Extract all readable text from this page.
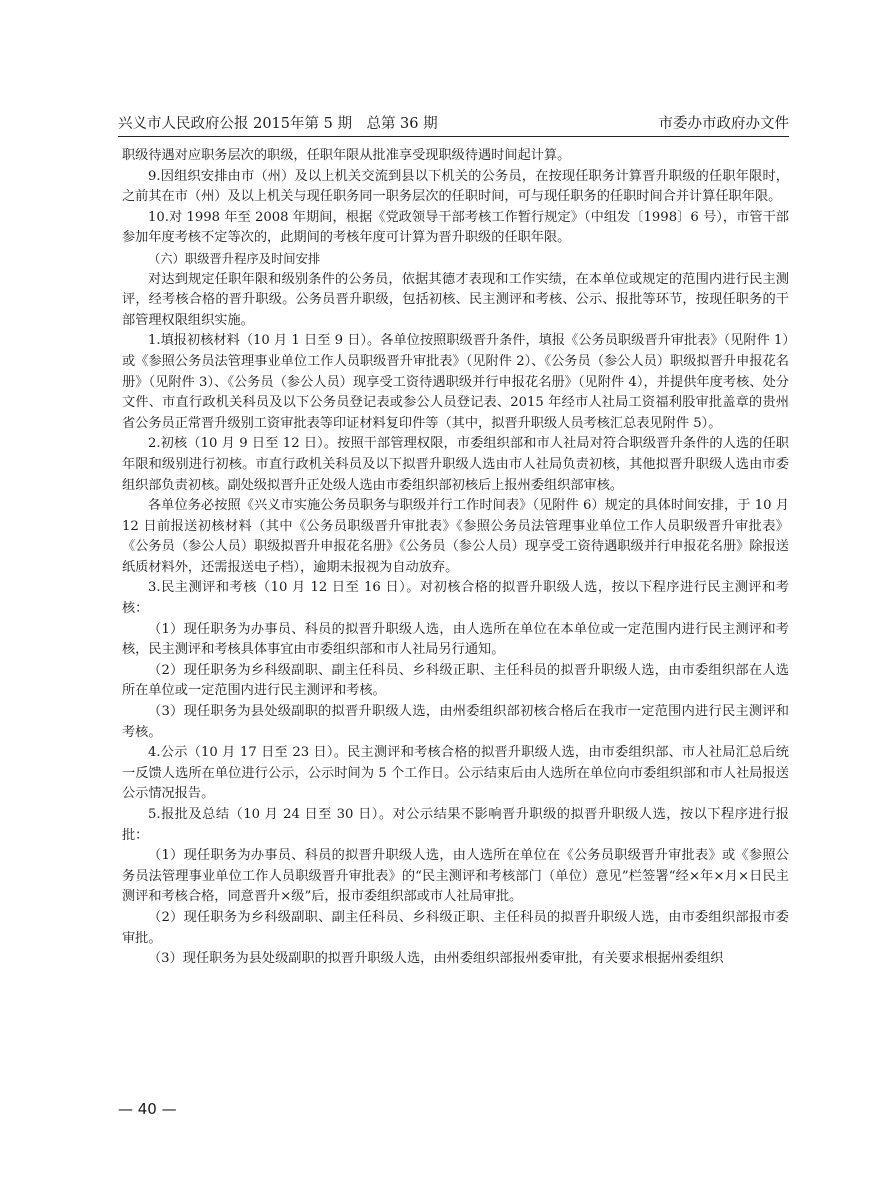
兴义市人民政府公报 2015年第 5 期　总第 36 期	市委办市政府办文件

职级待遇对应职务层次的职级，任职年限从批准享受现职级待遇时间起计算。

9.因组织安排由市（州）及以上机关交流到县以下机关的公务员，在按现任职务计算晋升职级的任职年限时，之前其在市（州）及以上机关与现任职务同一职务层次的任职时间，可与现任职务的任职时间合并计算任职年限。

10.对 1998 年至 2008 年期间，根据《党政领导干部考核工作暂行规定》（中组发〔1998〕6 号），市管干部参加年度考核不定等次的，此期间的考核年度可计算为晋升职级的任职年限。

（六）职级晋升程序及时间安排

对达到规定任职年限和级别条件的公务员，依据其德才表现和工作实绩，在本单位或规定的范围内进行民主测评，经考核合格的晋升职级。公务员晋升职级，包括初核、民主测评和考核、公示、报批等环节，按现任职务的干部管理权限组织实施。

1.填报初核材料（10 月 1 日至 9 日）。各单位按照职级晋升条件，填报《公务员职级晋升审批表》（见附件 1）或《参照公务员法管理事业单位工作人员职级晋升审批表》（见附件 2）、《公务员（参公人员）职级拟晋升申报花名册》（见附件 3）、《公务员（参公人员）现享受工资待遇职级并行申报花名册》（见附件 4），并提供年度考核、处分文件、市直行政机关科员及以下公务员登记表或参公人员登记表、2015 年经市人社局工资福利股审批盖章的贵州省公务员正常晋升级别工资审批表等印证材料复印件等（其中，拟晋升职级人员考核汇总表见附件 5）。

2.初核（10 月 9 日至 12 日）。按照干部管理权限，市委组织部和市人社局对符合职级晋升条件的人选的任职年限和级别进行初核。市直行政机关科员及以下拟晋升职级人选由市人社局负责初核，其他拟晋升职级人选由市委组织部负责初核。副处级拟晋升正处级人选由市委组织部初核后上报州委组织部审核。

各单位务必按照《兴义市实施公务员职务与职级并行工作时间表》（见附件 6）规定的具体时间安排，于 10 月 12 日前报送初核材料（其中《公务员职级晋升审批表》《参照公务员法管理事业单位工作人员职级晋升审批表》《公务员（参公人员）职级拟晋升申报花名册》《公务员（参公人员）现享受工资待遇职级并行申报花名册》除报送纸质材料外，还需报送电子档），逾期未报视为自动放弃。

3.民主测评和考核（10 月 12 日至 16 日）。对初核合格的拟晋升职级人选，按以下程序进行民主测评和考核：

（1）现任职务为办事员、科员的拟晋升职级人选，由人选所在单位在本单位或一定范围内进行民主测评和考核，民主测评和考核具体事宜由市委组织部和市人社局另行通知。

（2）现任职务为乡科级副职、副主任科员、乡科级正职、主任科员的拟晋升职级人选，由市委组织部在人选所在单位或一定范围内进行民主测评和考核。

（3）现任职务为县处级副职的拟晋升职级人选，由州委组织部初核合格后在我市一定范围内进行民主测评和考核。

4.公示（10 月 17 日至 23 日）。民主测评和考核合格的拟晋升职级人选，由市委组织部、市人社局汇总后统一反馈人选所在单位进行公示，公示时间为 5 个工作日。公示结束后由人选所在单位向市委组织部和市人社局报送公示情况报告。

5.报批及总结（10 月 24 日至 30 日）。对公示结果不影响晋升职级的拟晋升职级人选，按以下程序进行报批：

（1）现任职务为办事员、科员的拟晋升职级人选，由人选所在单位在《公务员职级晋升审批表》或《参照公务员法管理事业单位工作人员职级晋升审批表》的“民主测评和考核部门（单位）意见”栏签署“经×年×月×日民主测评和考核合格，同意晋升×级”后，报市委组织部或市人社局审批。

（2）现任职务为乡科级副职、副主任科员、乡科级正职、主任科员的拟晋升职级人选，由市委组织部报市委审批。

（3）现任职务为县处级副职的拟晋升职级人选，由州委组织部报州委审批，有关要求根据州委组织

— 40 —
